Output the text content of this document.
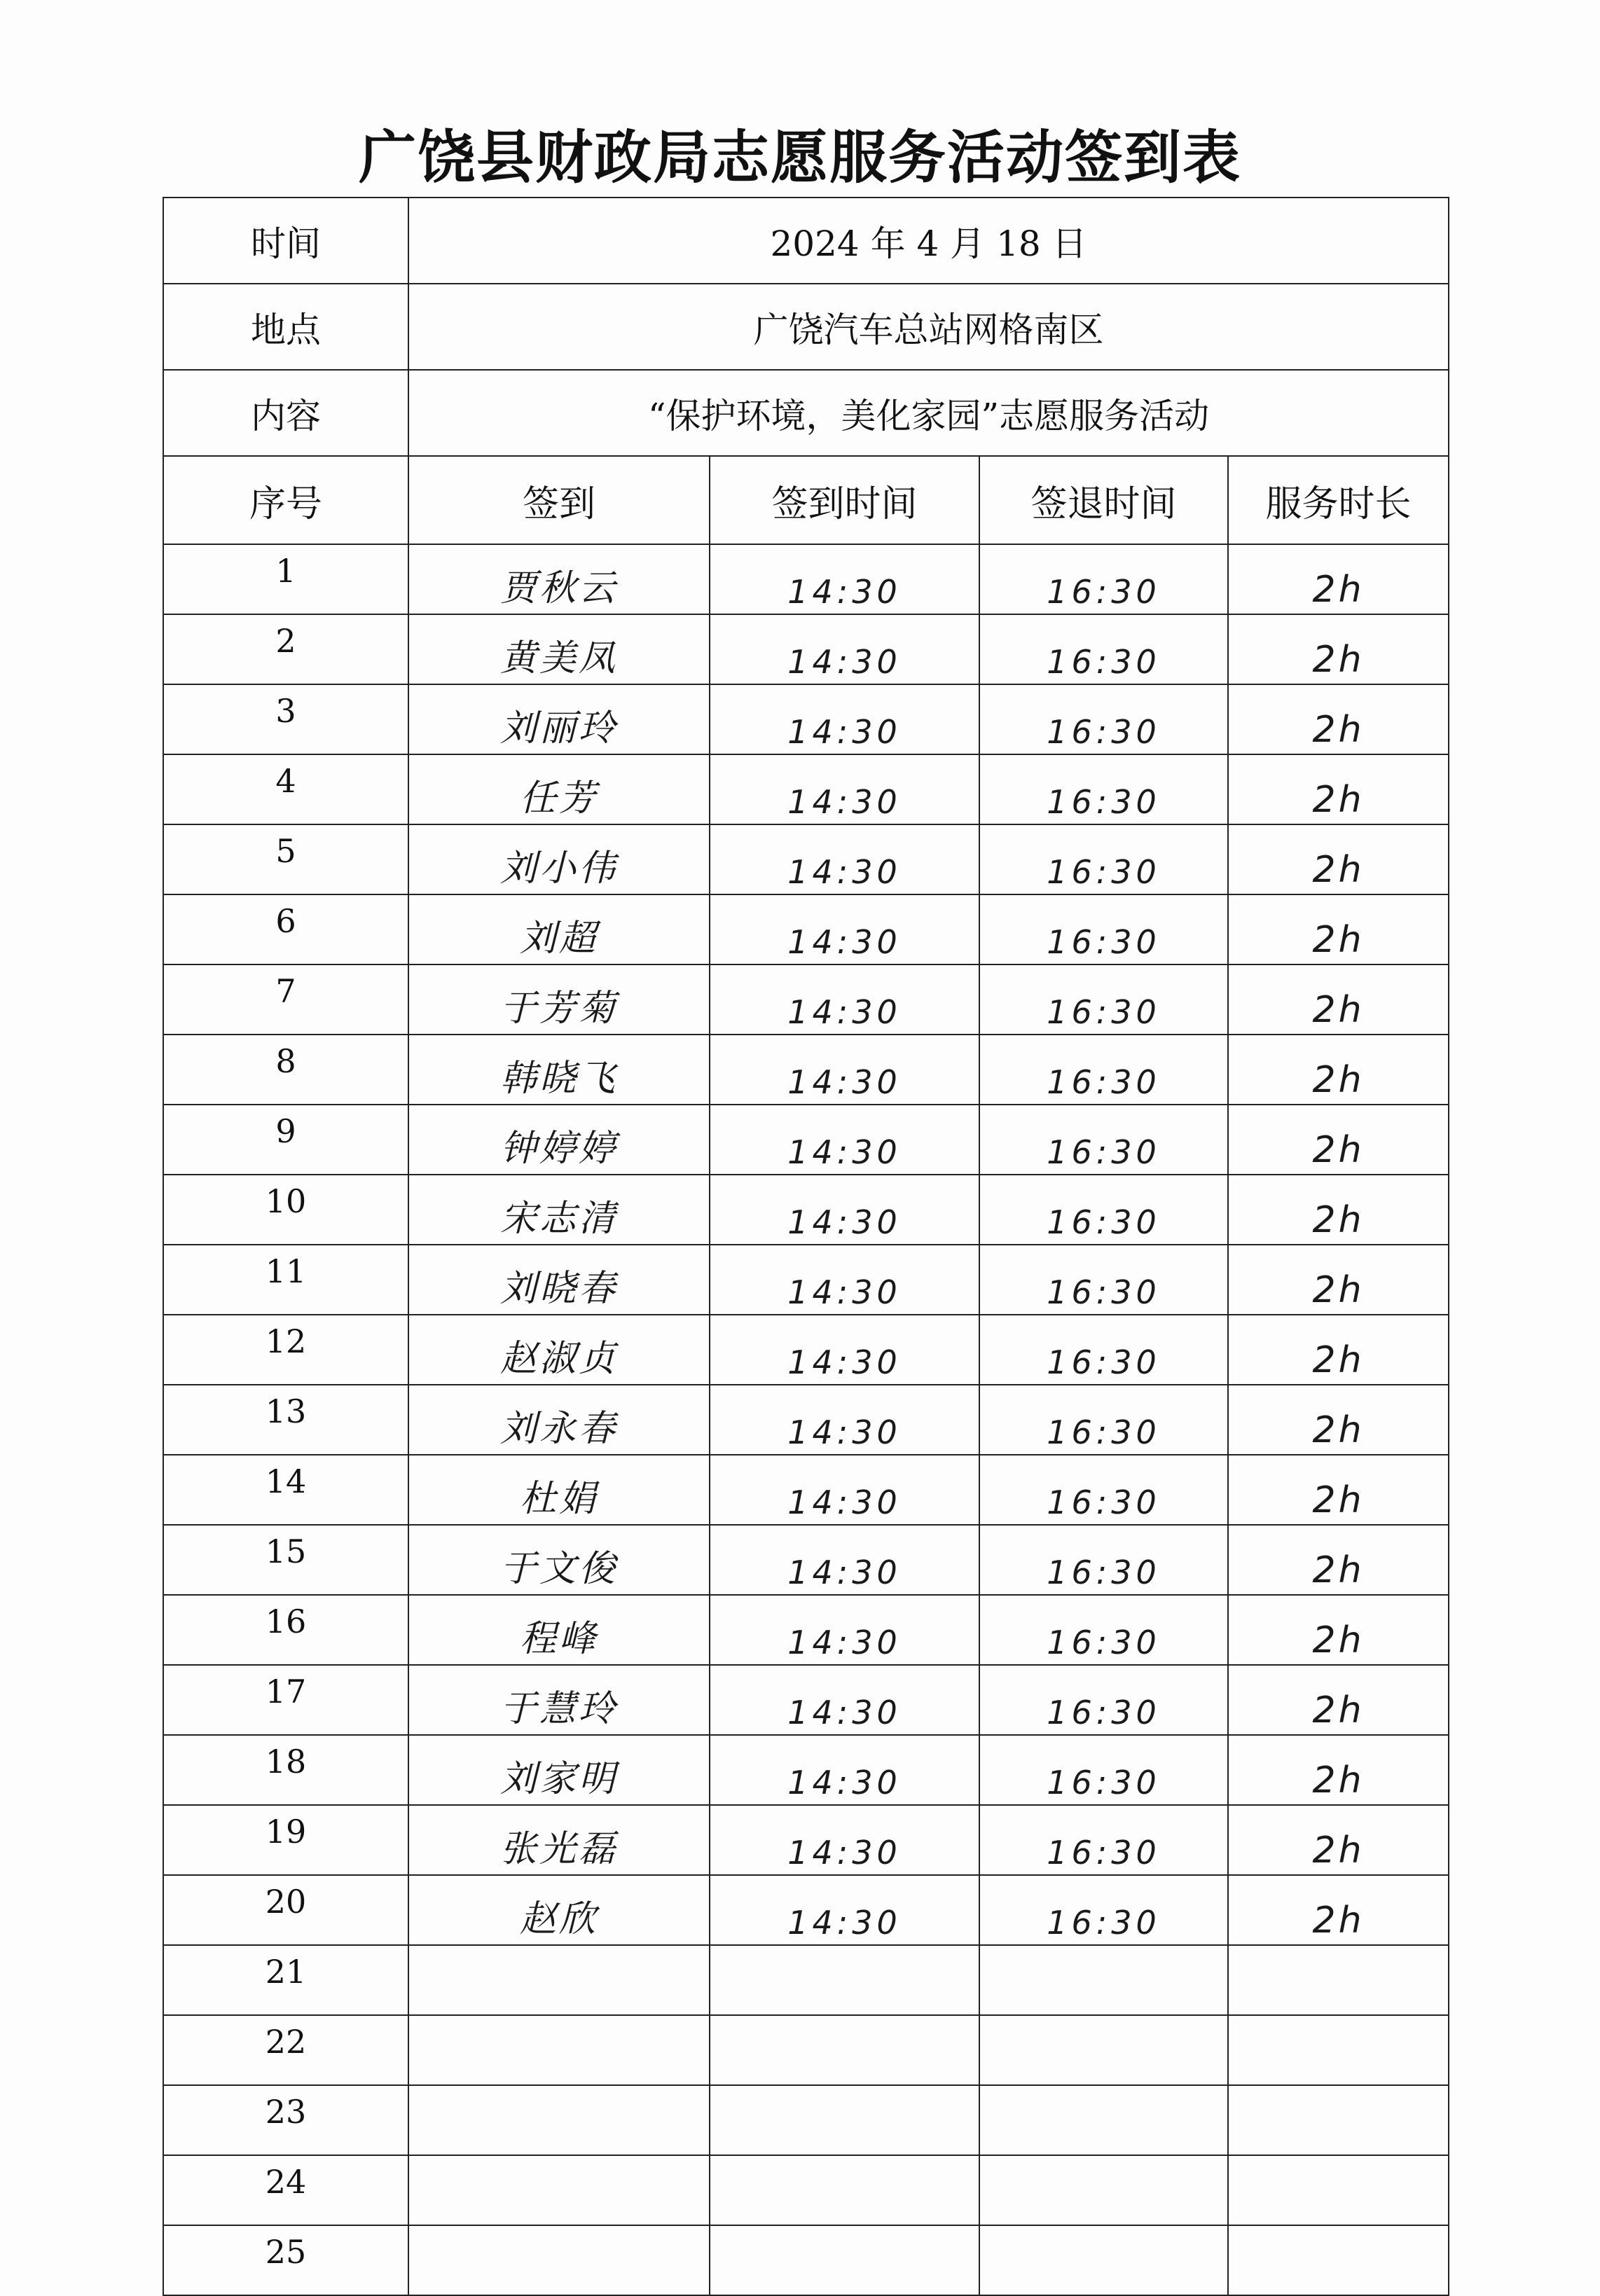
广饶县财政局志愿服务活动签到表
时间	2024 年 4 月 18 日			
地点	广饶汽车总站网格南区			
内容	“保护环境，美化家园”志愿服务活动			
序号	签到	签到时间	签退时间	服务时长
1	贾秋云	14:30	16:30	2h
2	黄美凤	14:30	16:30	2h
3	刘丽玲	14:30	16:30	2h
4	任芳	14:30	16:30	2h
5	刘小伟	14:30	16:30	2h
6	刘超	14:30	16:30	2h
7	于芳菊	14:30	16:30	2h
8	韩晓飞	14:30	16:30	2h
9	钟婷婷	14:30	16:30	2h
10	宋志清	14:30	16:30	2h
11	刘晓春	14:30	16:30	2h
12	赵淑贞	14:30	16:30	2h
13	刘永春	14:30	16:30	2h
14	杜娟	14:30	16:30	2h
15	于文俊	14:30	16:30	2h
16	程峰	14:30	16:30	2h
17	于慧玲	14:30	16:30	2h
18	刘家明	14:30	16:30	2h
19	张光磊	14:30	16:30	2h
20	赵欣	14:30	16:30	2h
21				
22				
23				
24				
25				
